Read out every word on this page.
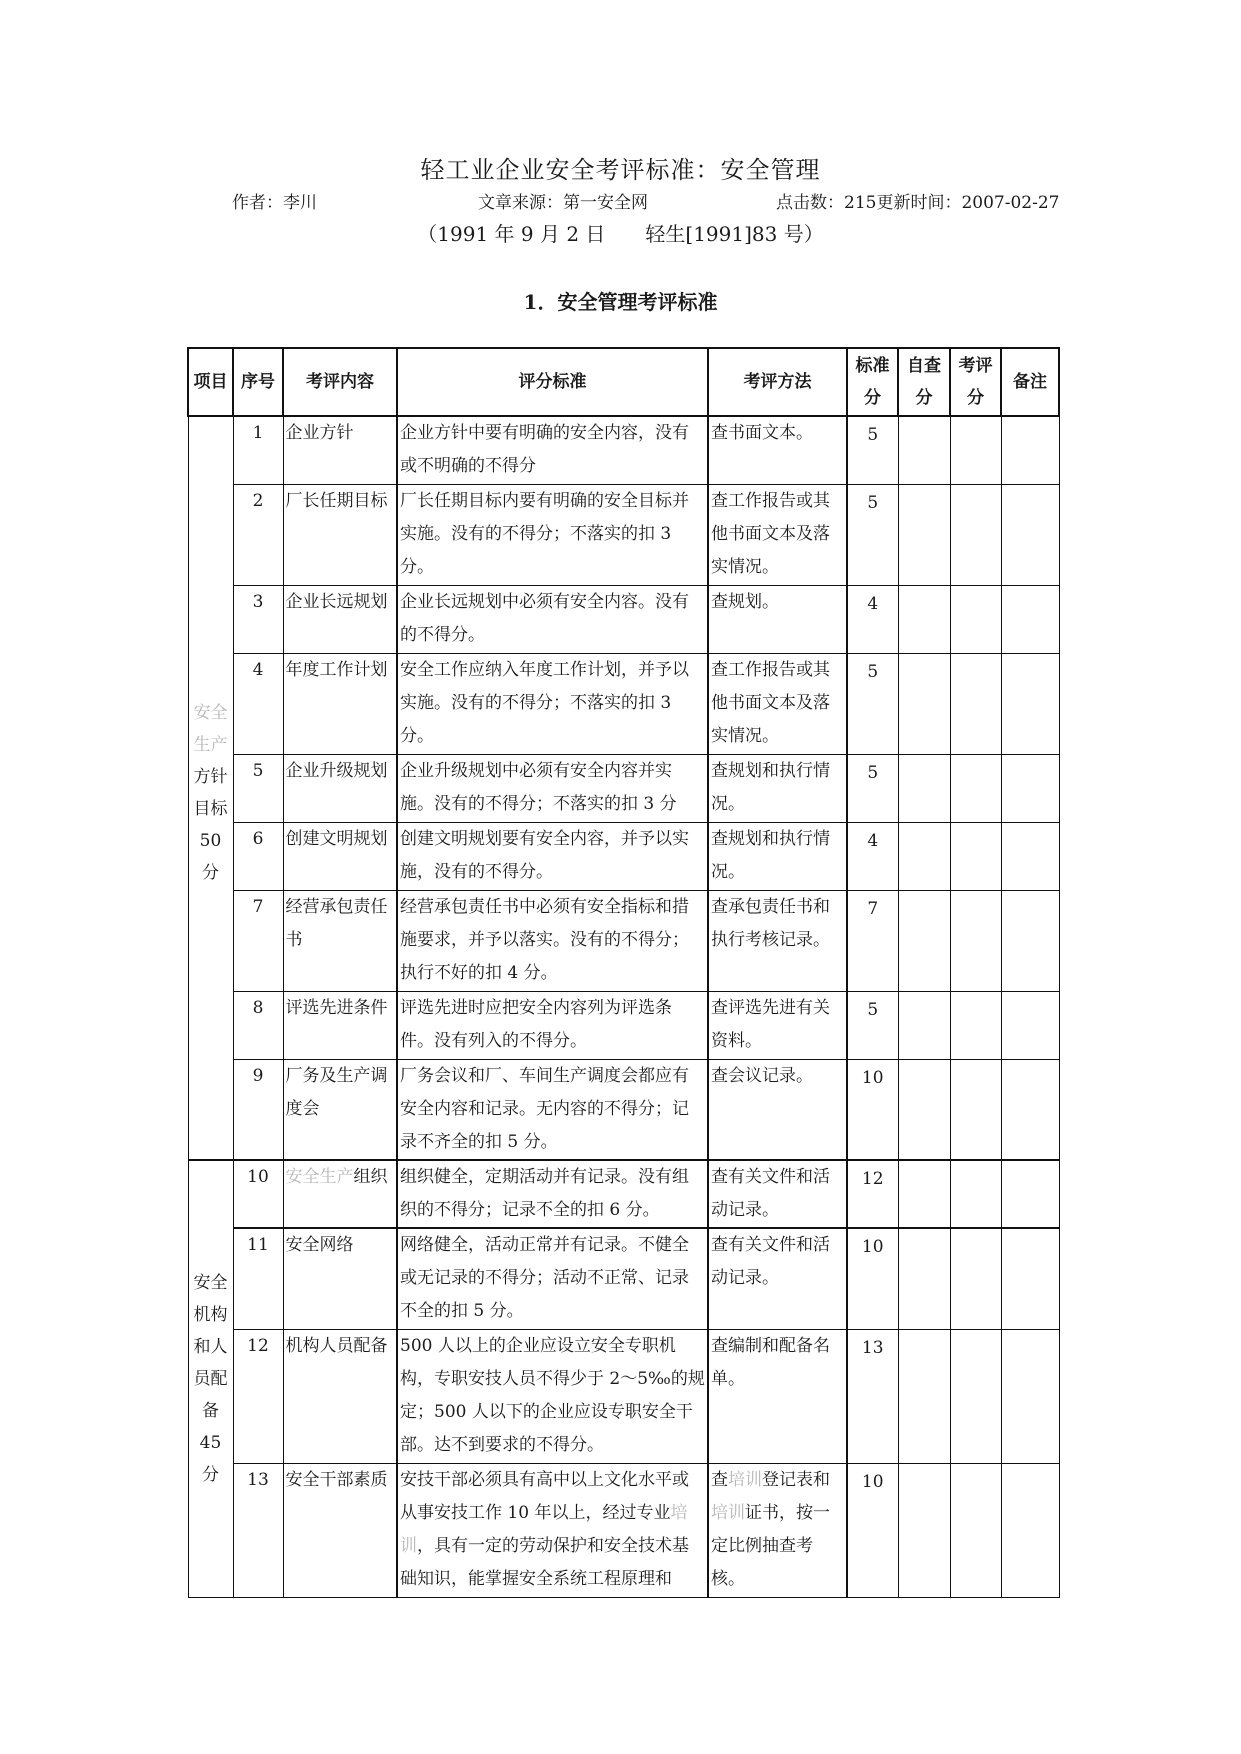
轻工业企业安全考评标准：安全管理
作者：李川	文章来源：第一安全网	点击数：215更新时间：2007-02-27
（1991 年 9 月 2 日　　轻生[1991]83 号）
1．安全管理考评标准
项目	序号	考评内容	评分标准	考评方法	标准分	自查分	考评分	备注
安全生产方针目标 50 分	1	企业方针	企业方针中要有明确的安全内容，没有或不明确的不得分	查书面文本。	5			
	2	厂长任期目标	厂长任期目标内要有明确的安全目标并实施。没有的不得分；不落实的扣 3 分。	查工作报告或其他书面文本及落实情况。	5			
	3	企业长远规划	企业长远规划中必须有安全内容。没有的不得分。	查规划。	4			
	4	年度工作计划	安全工作应纳入年度工作计划，并予以实施。没有的不得分；不落实的扣 3 分。	查工作报告或其他书面文本及落实情况。	5			
	5	企业升级规划	企业升级规划中必须有安全内容并实施。没有的不得分；不落实的扣 3 分	查规划和执行情况。	5			
	6	创建文明规划	创建文明规划要有安全内容，并予以实施，没有的不得分。	查规划和执行情况。	4			
	7	经营承包责任书	经营承包责任书中必须有安全指标和措施要求，并予以落实。没有的不得分；执行不好的扣 4 分。	查承包责任书和执行考核记录。	7			
	8	评选先进条件	评选先进时应把安全内容列为评选条件。没有列入的不得分。	查评选先进有关资料。	5			
	9	厂务及生产调度会	厂务会议和厂、车间生产调度会都应有安全内容和记录。无内容的不得分；记录不齐全的扣 5 分。	查会议记录。	10			
安全机构和人员配备 45 分	10	安全生产组织	组织健全，定期活动并有记录。没有组织的不得分；记录不全的扣 6 分。	查有关文件和活动记录。	12			
	11	安全网络	网络健全，活动正常并有记录。不健全或无记录的不得分；活动不正常、记录不全的扣 5 分。	查有关文件和活动记录。	10			
	12	机构人员配备	500 人以上的企业应设立安全专职机构，专职安技人员不得少于 2～5‰的规定；500 人以下的企业应设专职安全干部。达不到要求的不得分。	查编制和配备名单。	13			
	13	安全干部素质	安技干部必须具有高中以上文化水平或从事安技工作 10 年以上，经过专业培训，具有一定的劳动保护和安全技术基础知识，能掌握安全系统工程原理和	查培训登记表和培训证书，按一定比例抽查考核。	10			
